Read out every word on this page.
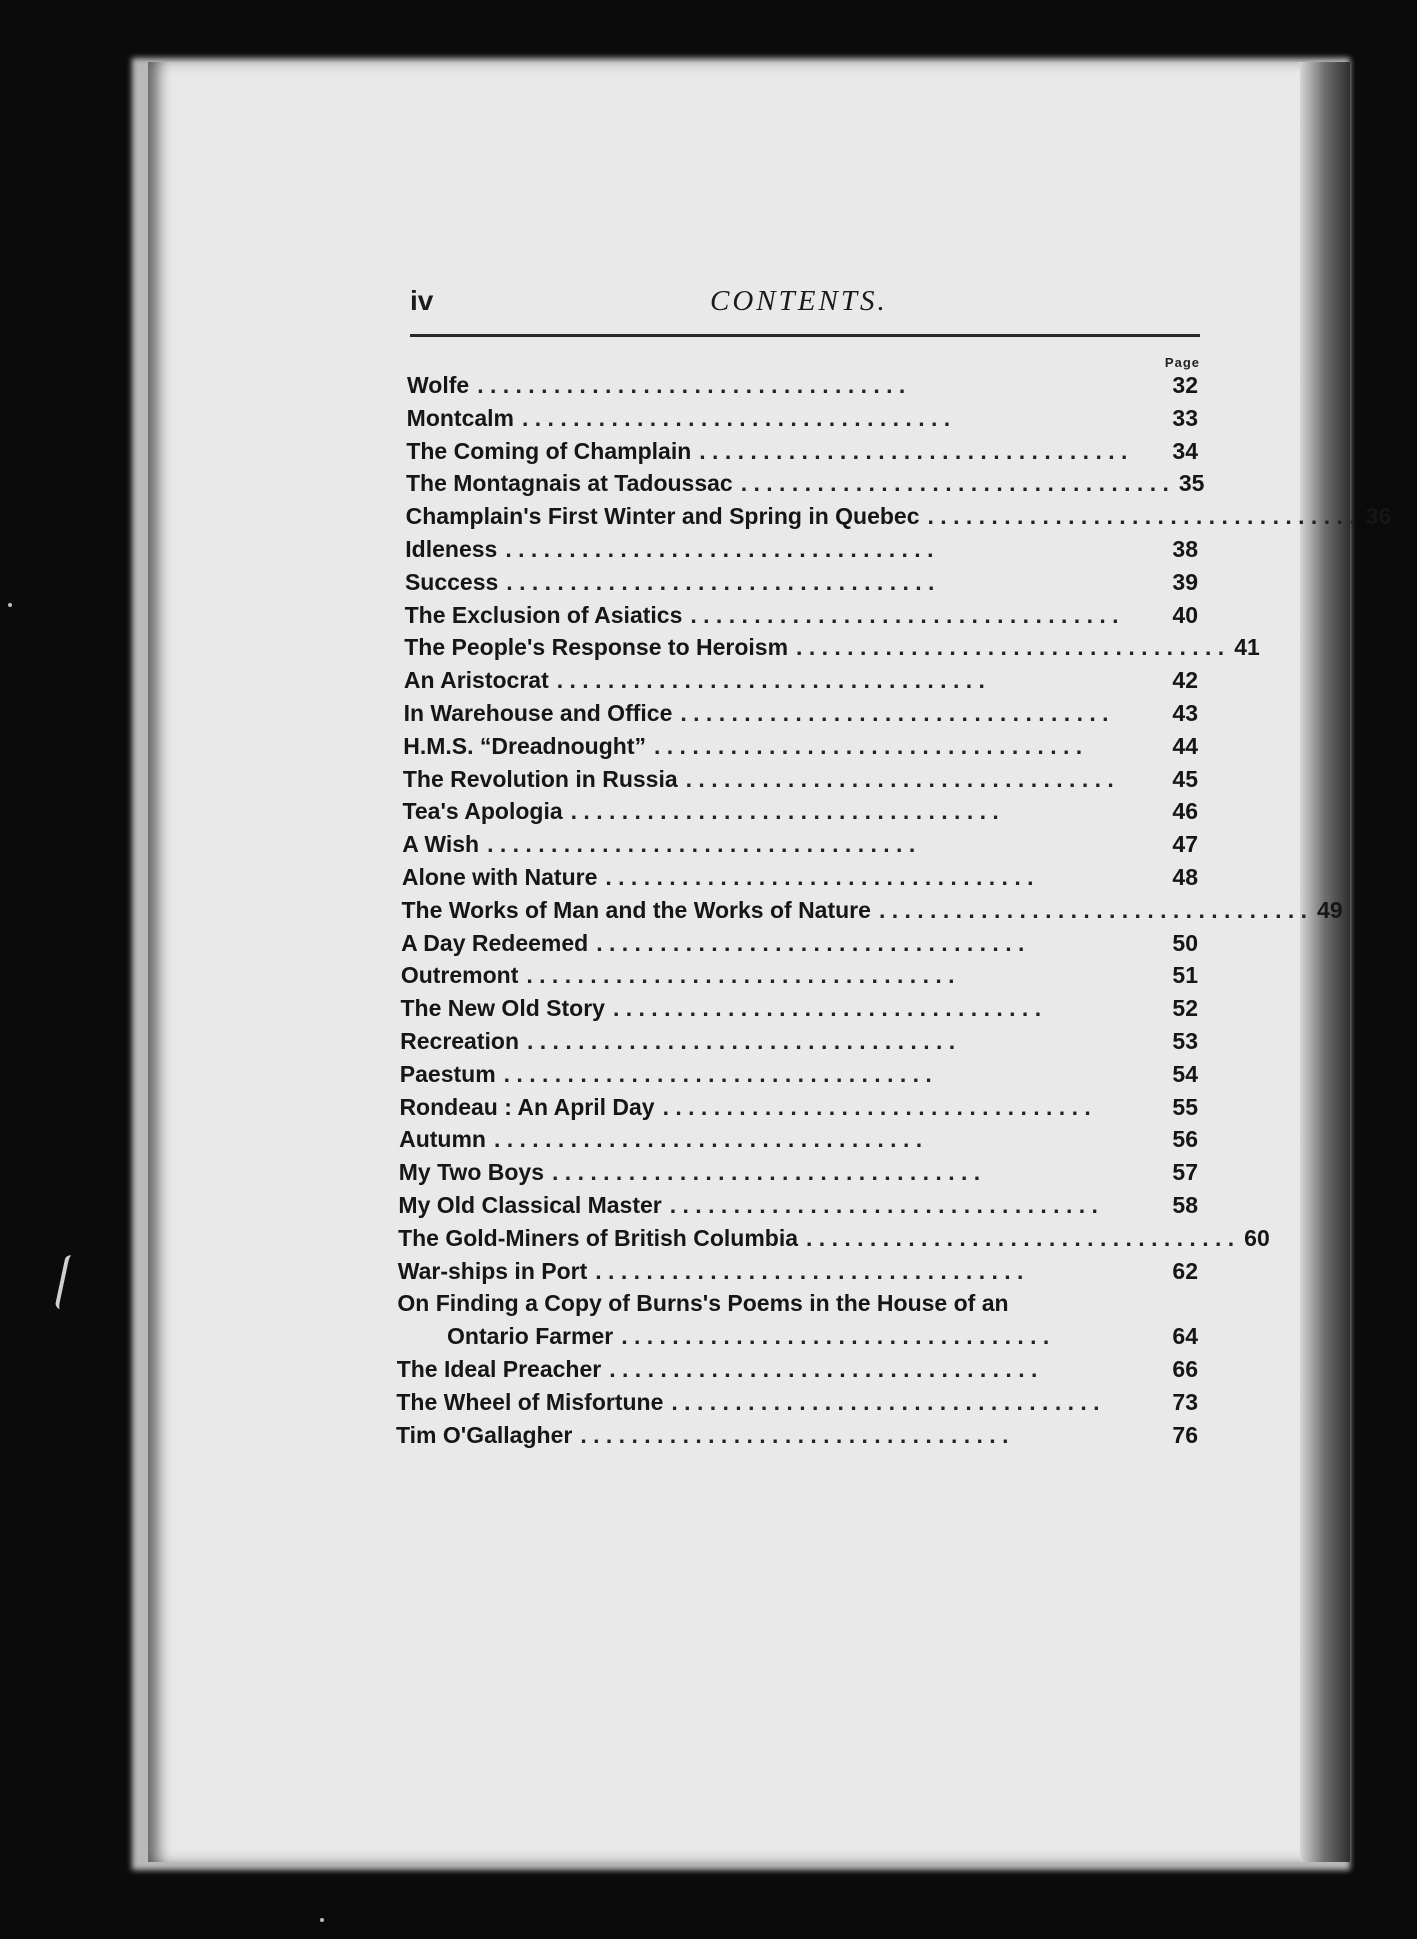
iv	CONTENTS.
Page
Wolfe . . . . . . . . . . . . . . . . . . . . . . . . . . . . . . . . . .	32
Montcalm . . . . . . . . . . . . . . . . . . . . . . . . . . . . . . . . . .	33
The Coming of Champlain . . . . . . . . . . . . . . . . . . . . . . . . . . . . . . . . . .	34
The Montagnais at Tadoussac . . . . . . . . . . . . . . . . . . . . . . . . . . . . . . . . . . 35
Champlain's First Winter and Spring in Quebec . . . . . . . . . . . . . . . . . . . . . . . . . . . . . . . . . . 36
Idleness . . . . . . . . . . . . . . . . . . . . . . . . . . . . . . . . . .	38
Success . . . . . . . . . . . . . . . . . . . . . . . . . . . . . . . . . .	39
The Exclusion of Asiatics . . . . . . . . . . . . . . . . . . . . . . . . . . . . . . . . . .	40
The People's Response to Heroism . . . . . . . . . . . . . . . . . . . . . . . . . . . . . . . . . . 41
An Aristocrat . . . . . . . . . . . . . . . . . . . . . . . . . . . . . . . . . .	42
In Warehouse and Office . . . . . . . . . . . . . . . . . . . . . . . . . . . . . . . . . .	43
H.M.S. “Dreadnought” . . . . . . . . . . . . . . . . . . . . . . . . . . . . . . . . . .	44
The Revolution in Russia . . . . . . . . . . . . . . . . . . . . . . . . . . . . . . . . . .	45
Tea's Apologia . . . . . . . . . . . . . . . . . . . . . . . . . . . . . . . . . .	46
A Wish . . . . . . . . . . . . . . . . . . . . . . . . . . . . . . . . . .	47
Alone with Nature . . . . . . . . . . . . . . . . . . . . . . . . . . . . . . . . . .	48
The Works of Man and the Works of Nature . . . . . . . . . . . . . . . . . . . . . . . . . . . . . . . . . . 49
A Day Redeemed . . . . . . . . . . . . . . . . . . . . . . . . . . . . . . . . . .	50
Outremont . . . . . . . . . . . . . . . . . . . . . . . . . . . . . . . . . .	51
The New Old Story . . . . . . . . . . . . . . . . . . . . . . . . . . . . . . . . . .	52
Recreation . . . . . . . . . . . . . . . . . . . . . . . . . . . . . . . . . .	53
Paestum . . . . . . . . . . . . . . . . . . . . . . . . . . . . . . . . . .	54
Rondeau : An April Day . . . . . . . . . . . . . . . . . . . . . . . . . . . . . . . . . .	55
Autumn . . . . . . . . . . . . . . . . . . . . . . . . . . . . . . . . . .	56
My Two Boys . . . . . . . . . . . . . . . . . . . . . . . . . . . . . . . . . .	57
My Old Classical Master . . . . . . . . . . . . . . . . . . . . . . . . . . . . . . . . . .	58
The Gold-Miners of British Columbia . . . . . . . . . . . . . . . . . . . . . . . . . . . . . . . . . . 60
War-ships in Port . . . . . . . . . . . . . . . . . . . . . . . . . . . . . . . . . .	62
On Finding a Copy of Burns's Poems in the House of an
Ontario Farmer . . . . . . . . . . . . . . . . . . . . . . . . . . . . . . . . . .	64
The Ideal Preacher . . . . . . . . . . . . . . . . . . . . . . . . . . . . . . . . . .	66
The Wheel of Misfortune . . . . . . . . . . . . . . . . . . . . . . . . . . . . . . . . . .	73
Tim O'Gallagher . . . . . . . . . . . . . . . . . . . . . . . . . . . . . . . . . .	76
